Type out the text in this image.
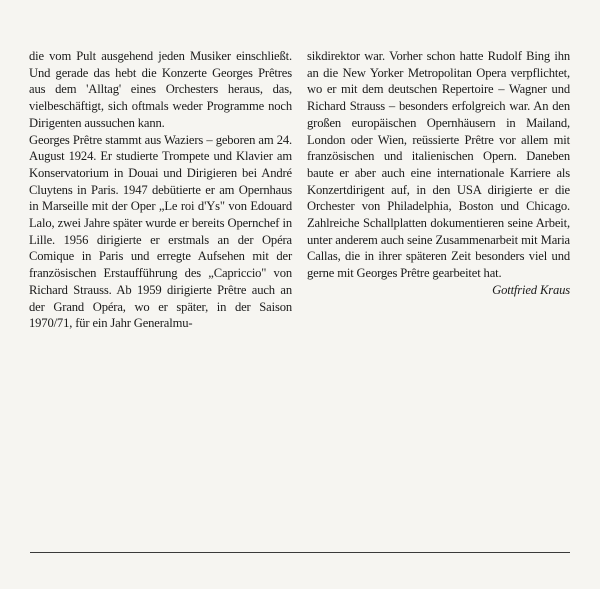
die vom Pult ausgehend jeden Musiker einschließt. Und gerade das hebt die Konzerte Georges Prêtres aus dem 'Alltag' eines Orchesters heraus, das, vielbeschäftigt, sich oftmals weder Programme noch Dirigenten aussuchen kann.

Georges Prêtre stammt aus Waziers – geboren am 24. August 1924. Er studierte Trompete und Klavier am Konservatorium in Douai und Dirigieren bei André Cluytens in Paris. 1947 debütierte er am Opernhaus in Marseille mit der Oper „Le roi d'Ys" von Edouard Lalo, zwei Jahre später wurde er bereits Opernchef in Lille. 1956 dirigierte er erstmals an der Opéra Comique in Paris und erregte Aufsehen mit der französischen Erstaufführung des „Capriccio" von Richard Strauss. Ab 1959 dirigierte Prêtre auch an der Grand Opéra, wo er später, in der Saison 1970/71, für ein Jahr Generalmu-

sikdirektor war. Vorher schon hatte Rudolf Bing ihn an die New Yorker Metropolitan Opera verpflichtet, wo er mit dem deutschen Repertoire – Wagner und Richard Strauss – besonders erfolgreich war. An den großen europäischen Opernhäusern in Mailand, London oder Wien, reüssierte Prêtre vor allem mit französischen und italienischen Opern. Daneben baute er aber auch eine internationale Karriere als Konzertdirigent auf, in den USA dirigierte er die Orchester von Philadelphia, Boston und Chicago. Zahlreiche Schallplatten dokumentieren seine Arbeit, unter anderem auch seine Zusammenarbeit mit Maria Callas, die in ihrer späteren Zeit besonders viel und gerne mit Georges Prêtre gearbeitet hat.

Gottfried Kraus
